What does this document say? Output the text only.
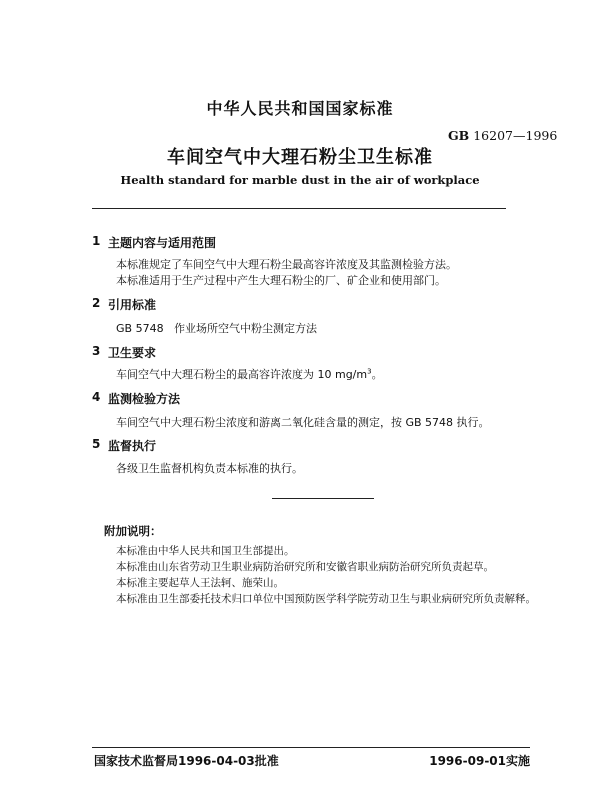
中华人民共和国国家标准
GB 16207—1996
车间空气中大理石粉尘卫生标准
Health standard for marble dust in the air of workplace
1 主题内容与适用范围
本标准规定了车间空气中大理石粉尘最高容许浓度及其监测检验方法。
本标准适用于生产过程中产生大理石粉尘的厂、矿企业和使用部门。
2 引用标准
GB 5748   作业场所空气中粉尘测定方法
3 卫生要求
车间空气中大理石粉尘的最高容许浓度为 10 $mg/m^3$。
4 监测检验方法
车间空气中大理石粉尘浓度和游离二氧化硅含量的测定，按 GB 5748 执行。
5 监督执行
各级卫生监督机构负责本标准的执行。
附加说明：
本标准由中华人民共和国卫生部提出。
本标准由山东省劳动卫生职业病防治研究所和安徽省职业病防治研究所负责起草。
本标准主要起草人王法轲、施荣山。
本标准由卫生部委托技术归口单位中国预防医学科学院劳动卫生与职业病研究所负责解释。
国家技术监督局1996-04-03批准	1996-09-01实施
